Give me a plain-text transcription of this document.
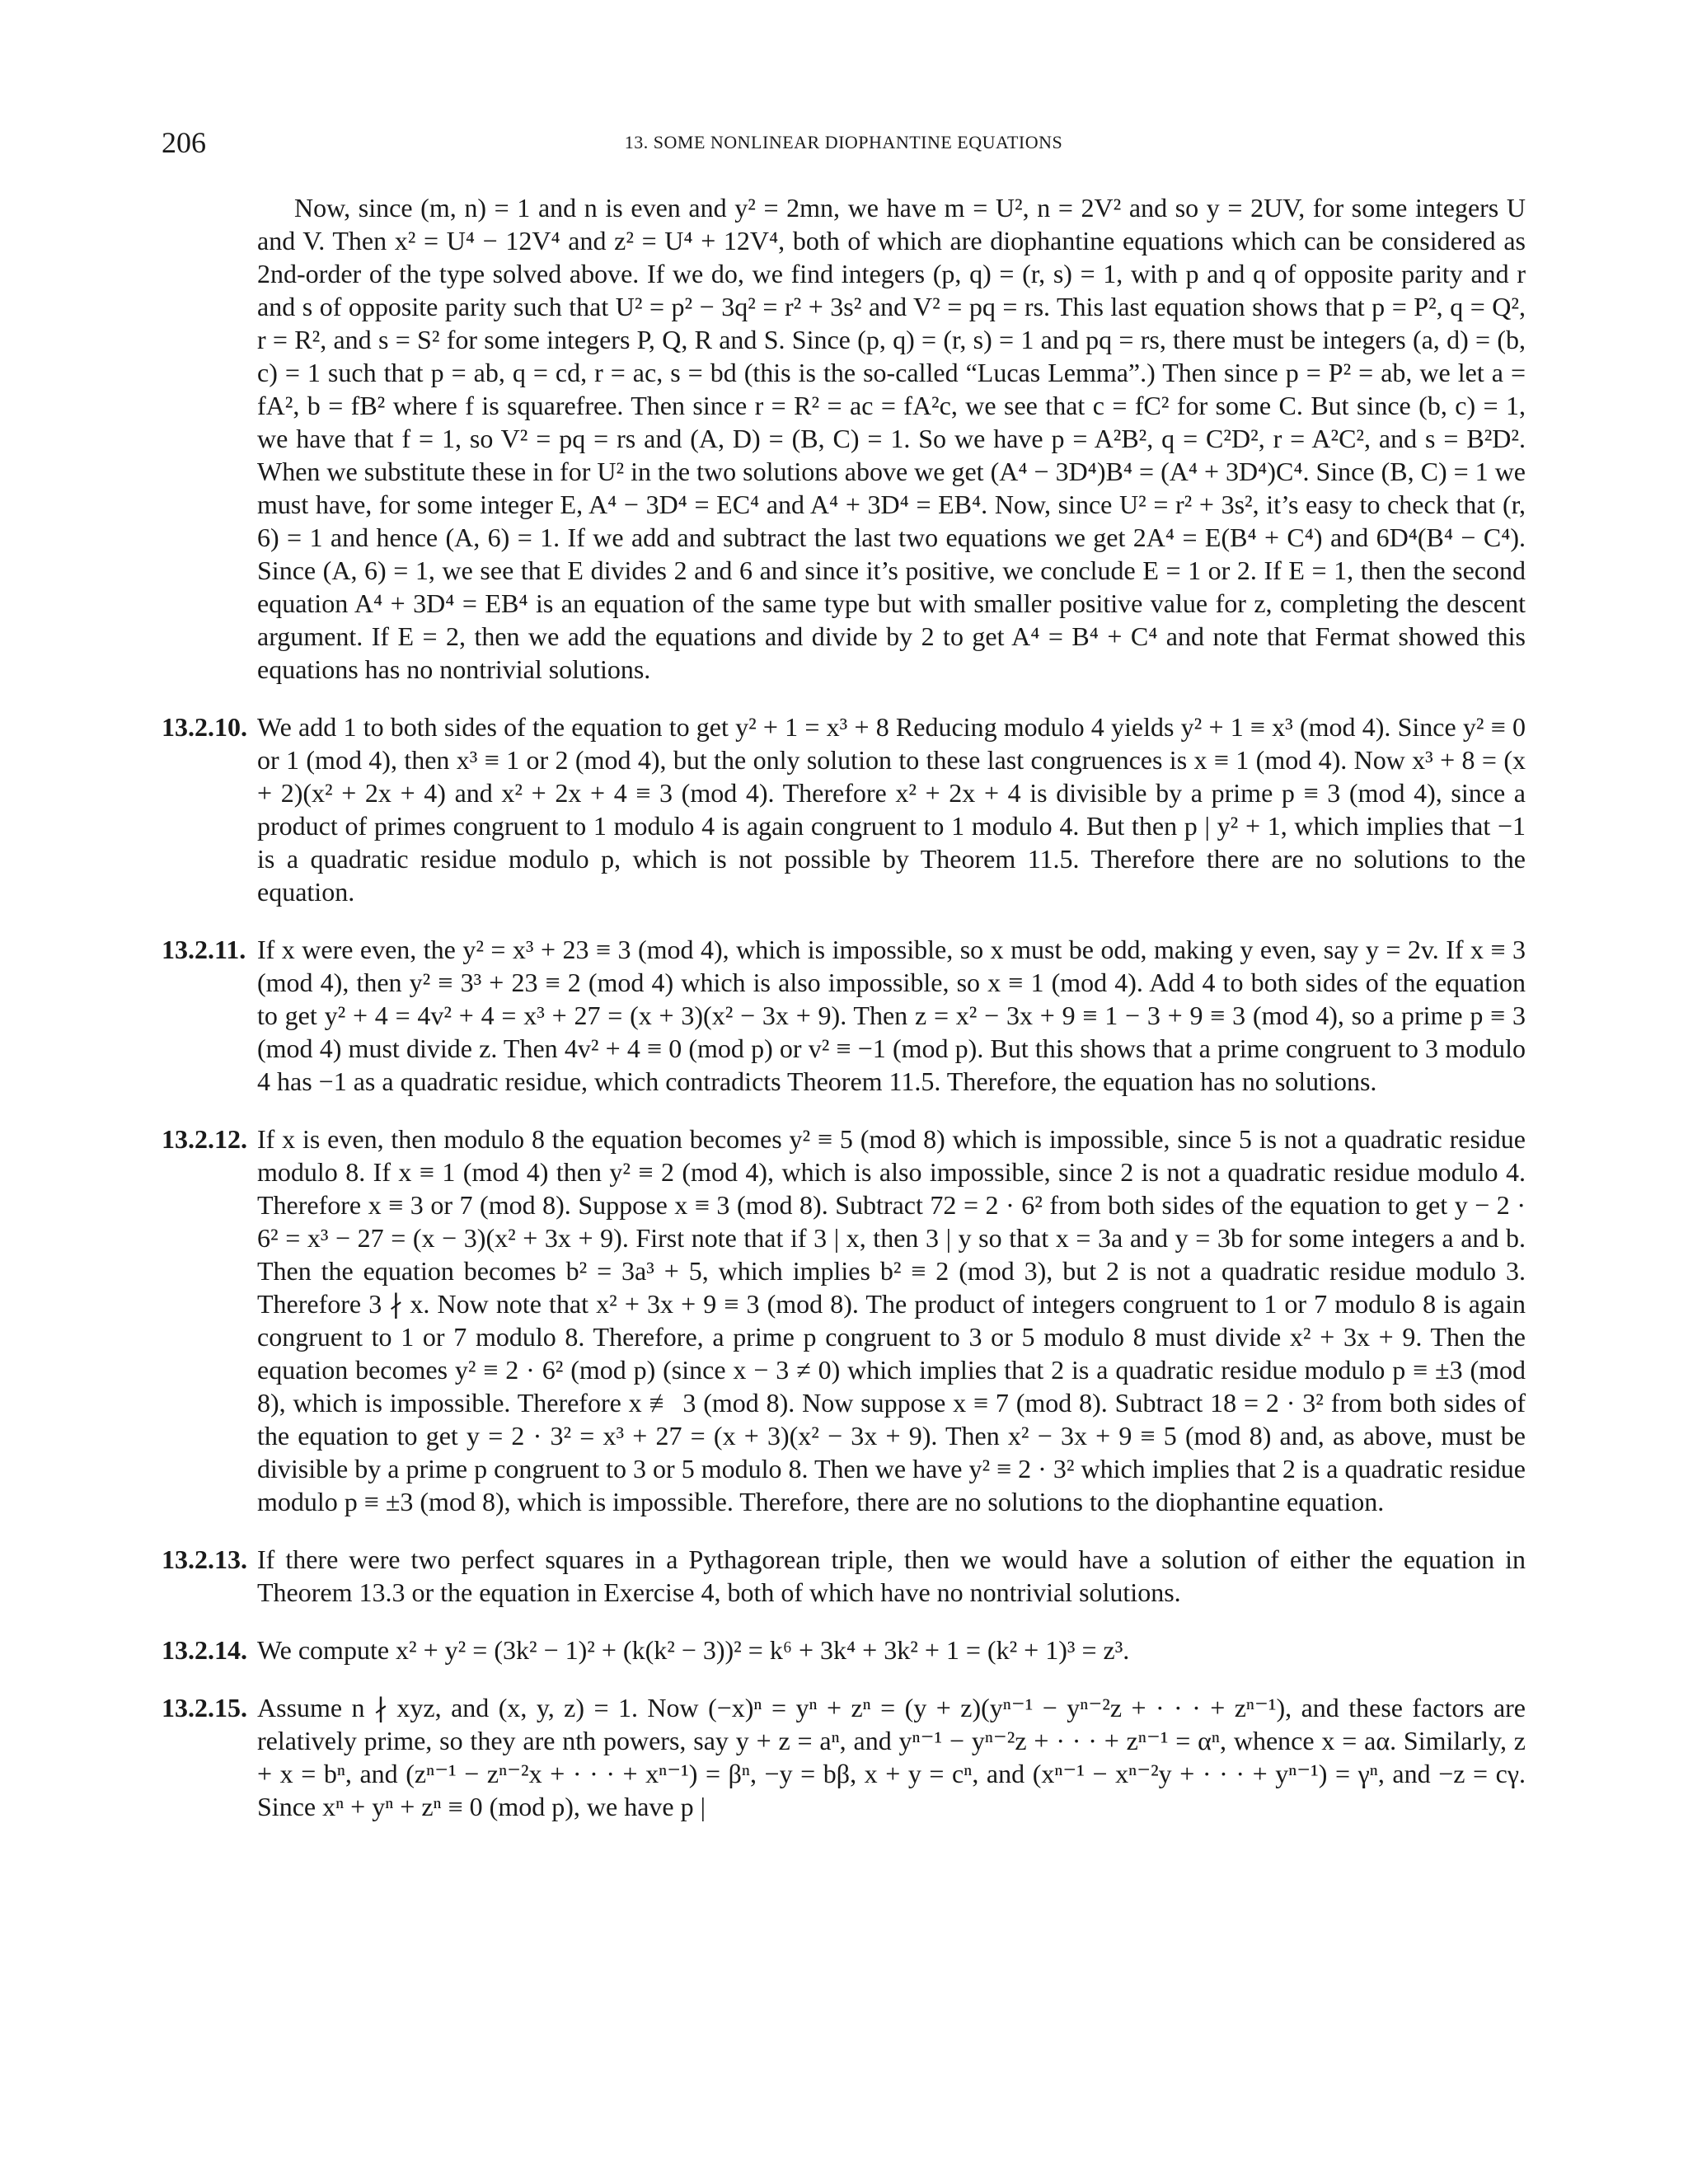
206	13. SOME NONLINEAR DIOPHANTINE EQUATIONS

Now, since (m, n) = 1 and n is even and y² = 2mn, we have m = U², n = 2V² and so y = 2UV, for some integers U and V. Then x² = U⁴ − 12V⁴ and z² = U⁴ + 12V⁴, both of which are diophantine equations which can be considered as 2nd-order of the type solved above. If we do, we find integers (p, q) = (r, s) = 1, with p and q of opposite parity and r and s of opposite parity such that U² = p² − 3q² = r² + 3s² and V² = pq = rs. This last equation shows that p = P², q = Q², r = R², and s = S² for some integers P, Q, R and S. Since (p, q) = (r, s) = 1 and pq = rs, there must be integers (a, d) = (b, c) = 1 such that p = ab, q = cd, r = ac, s = bd (this is the so-called “Lucas Lemma”.) Then since p = P² = ab, we let a = fA², b = fB² where f is squarefree. Then since r = R² = ac = fA²c, we see that c = fC² for some C. But since (b, c) = 1, we have that f = 1, so V² = pq = rs and (A, D) = (B, C) = 1. So we have p = A²B², q = C²D², r = A²C², and s = B²D². When we substitute these in for U² in the two solutions above we get (A⁴ − 3D⁴)B⁴ = (A⁴ + 3D⁴)C⁴. Since (B, C) = 1 we must have, for some integer E, A⁴ − 3D⁴ = EC⁴ and A⁴ + 3D⁴ = EB⁴. Now, since U² = r² + 3s², it’s easy to check that (r, 6) = 1 and hence (A, 6) = 1. If we add and subtract the last two equations we get 2A⁴ = E(B⁴ + C⁴) and 6D⁴(B⁴ − C⁴). Since (A, 6) = 1, we see that E divides 2 and 6 and since it’s positive, we conclude E = 1 or 2. If E = 1, then the second equation A⁴ + 3D⁴ = EB⁴ is an equation of the same type but with smaller positive value for z, completing the descent argument. If E = 2, then we add the equations and divide by 2 to get A⁴ = B⁴ + C⁴ and note that Fermat showed this equations has no nontrivial solutions.

13.2.10. We add 1 to both sides of the equation to get y² + 1 = x³ + 8 Reducing modulo 4 yields y² + 1 ≡ x³ (mod 4). Since y² ≡ 0 or 1 (mod 4), then x³ ≡ 1 or 2 (mod 4), but the only solution to these last congruences is x ≡ 1 (mod 4). Now x³ + 8 = (x + 2)(x² + 2x + 4) and x² + 2x + 4 ≡ 3 (mod 4). Therefore x² + 2x + 4 is divisible by a prime p ≡ 3 (mod 4), since a product of primes congruent to 1 modulo 4 is again congruent to 1 modulo 4. But then p | y² + 1, which implies that −1 is a quadratic residue modulo p, which is not possible by Theorem 11.5. Therefore there are no solutions to the equation.

13.2.11. If x were even, the y² = x³ + 23 ≡ 3 (mod 4), which is impossible, so x must be odd, making y even, say y = 2v. If x ≡ 3 (mod 4), then y² ≡ 3³ + 23 ≡ 2 (mod 4) which is also impossible, so x ≡ 1 (mod 4). Add 4 to both sides of the equation to get y² + 4 = 4v² + 4 = x³ + 27 = (x + 3)(x² − 3x + 9). Then z = x² − 3x + 9 ≡ 1 − 3 + 9 ≡ 3 (mod 4), so a prime p ≡ 3 (mod 4) must divide z. Then 4v² + 4 ≡ 0 (mod p) or v² ≡ −1 (mod p). But this shows that a prime congruent to 3 modulo 4 has −1 as a quadratic residue, which contradicts Theorem 11.5. Therefore, the equation has no solutions.

13.2.12. If x is even, then modulo 8 the equation becomes y² ≡ 5 (mod 8) which is impossible, since 5 is not a quadratic residue modulo 8. If x ≡ 1 (mod 4) then y² ≡ 2 (mod 4), which is also impossible, since 2 is not a quadratic residue modulo 4. Therefore x ≡ 3 or 7 (mod 8). Suppose x ≡ 3 (mod 8). Subtract 72 = 2 · 6² from both sides of the equation to get y − 2 · 6² = x³ − 27 = (x − 3)(x² + 3x + 9). First note that if 3 | x, then 3 | y so that x = 3a and y = 3b for some integers a and b. Then the equation becomes b² = 3a³ + 5, which implies b² ≡ 2 (mod 3), but 2 is not a quadratic residue modulo 3. Therefore 3 ∤ x. Now note that x² + 3x + 9 ≡ 3 (mod 8). The product of integers congruent to 1 or 7 modulo 8 is again congruent to 1 or 7 modulo 8. Therefore, a prime p congruent to 3 or 5 modulo 8 must divide x² + 3x + 9. Then the equation becomes y² ≡ 2 · 6² (mod p) (since x − 3 ≠ 0) which implies that 2 is a quadratic residue modulo p ≡ ±3 (mod 8), which is impossible. Therefore x ≢ 3 (mod 8). Now suppose x ≡ 7 (mod 8). Subtract 18 = 2 · 3² from both sides of the equation to get y = 2 · 3² = x³ + 27 = (x + 3)(x² − 3x + 9). Then x² − 3x + 9 ≡ 5 (mod 8) and, as above, must be divisible by a prime p congruent to 3 or 5 modulo 8. Then we have y² ≡ 2 · 3² which implies that 2 is a quadratic residue modulo p ≡ ±3 (mod 8), which is impossible. Therefore, there are no solutions to the diophantine equation.

13.2.13. If there were two perfect squares in a Pythagorean triple, then we would have a solution of either the equation in Theorem 13.3 or the equation in Exercise 4, both of which have no nontrivial solutions.

13.2.14. We compute x² + y² = (3k² − 1)² + (k(k² − 3))² = k⁶ + 3k⁴ + 3k² + 1 = (k² + 1)³ = z³.

13.2.15. Assume n ∤ xyz, and (x, y, z) = 1. Now (−x)ⁿ = yⁿ + zⁿ = (y + z)(yⁿ⁻¹ − yⁿ⁻²z + · · · + zⁿ⁻¹), and these factors are relatively prime, so they are nth powers, say y + z = aⁿ, and yⁿ⁻¹ − yⁿ⁻²z + · · · + zⁿ⁻¹ = αⁿ, whence x = aα. Similarly, z + x = bⁿ, and (zⁿ⁻¹ − zⁿ⁻²x + · · · + xⁿ⁻¹) = βⁿ, −y = bβ, x + y = cⁿ, and (xⁿ⁻¹ − xⁿ⁻²y + · · · + yⁿ⁻¹) = γⁿ, and −z = cγ. Since xⁿ + yⁿ + zⁿ ≡ 0 (mod p), we have p |
